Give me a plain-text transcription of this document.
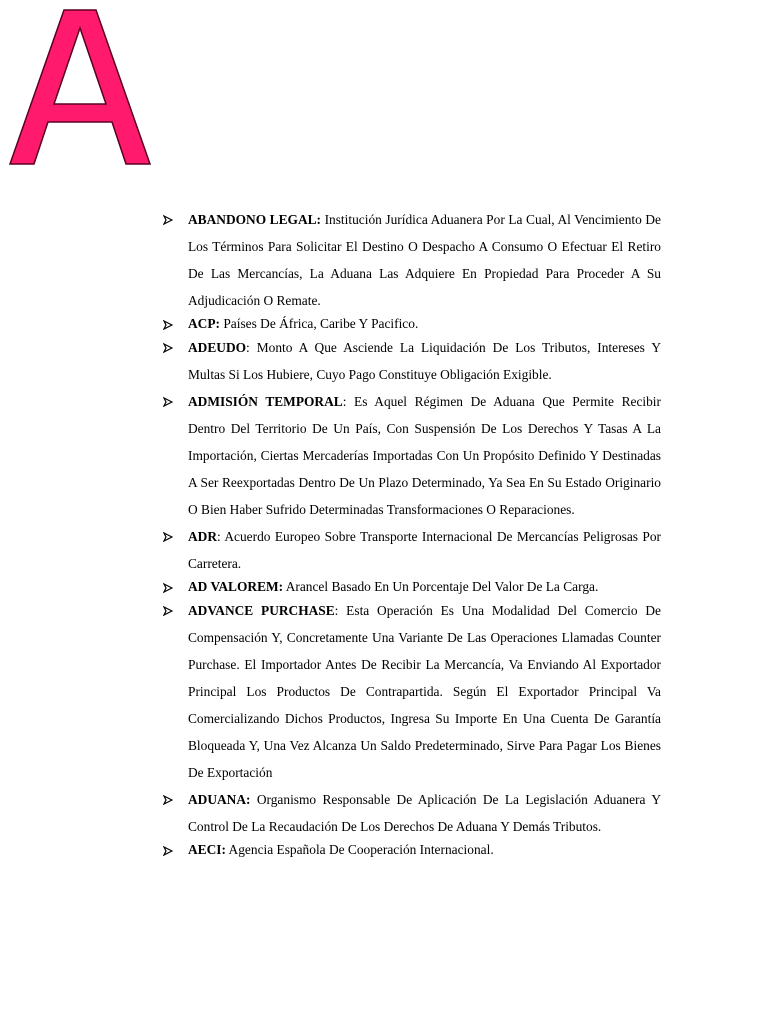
ABANDONO LEGAL: Institución Jurídica Aduanera Por La Cual, Al Vencimiento De Los Términos Para Solicitar El Destino O Despacho A Consumo O Efectuar El Retiro De Las Mercancías, La Aduana Las Adquiere En Propiedad Para Proceder A Su Adjudicación O Remate.
ACP: Países De África, Caribe Y Pacifico.
ADEUDO: Monto A Que Asciende La Liquidación De Los Tributos, Intereses Y Multas Si Los Hubiere, Cuyo Pago Constituye Obligación Exigible.
ADMISIÓN TEMPORAL: Es Aquel Régimen De Aduana Que Permite Recibir Dentro Del Territorio De Un País, Con Suspensión De Los Derechos Y Tasas A La Importación, Ciertas Mercaderías Importadas Con Un Propósito Definido Y Destinadas A Ser Reexportadas Dentro De Un Plazo Determinado, Ya Sea En Su Estado Originario O Bien Haber Sufrido Determinadas Transformaciones O Reparaciones.
ADR: Acuerdo Europeo Sobre Transporte Internacional De Mercancías Peligrosas Por Carretera.
AD VALOREM: Arancel Basado En Un Porcentaje Del Valor De La Carga.
ADVANCE PURCHASE: Esta Operación Es Una Modalidad Del Comercio De Compensación Y, Concretamente Una Variante De Las Operaciones Llamadas Counter Purchase. El Importador Antes De Recibir La Mercancía, Va Enviando Al Exportador Principal Los Productos De Contrapartida. Según El Exportador Principal Va Comercializando Dichos Productos, Ingresa Su Importe En Una Cuenta De Garantía Bloqueada Y, Una Vez Alcanza Un Saldo Predeterminado, Sirve Para Pagar Los Bienes De Exportación
ADUANA: Organismo Responsable De Aplicación De La Legislación Aduanera Y Control De La Recaudación De Los Derechos De Aduana Y Demás Tributos.
AECI: Agencia Española De Cooperación Internacional.
